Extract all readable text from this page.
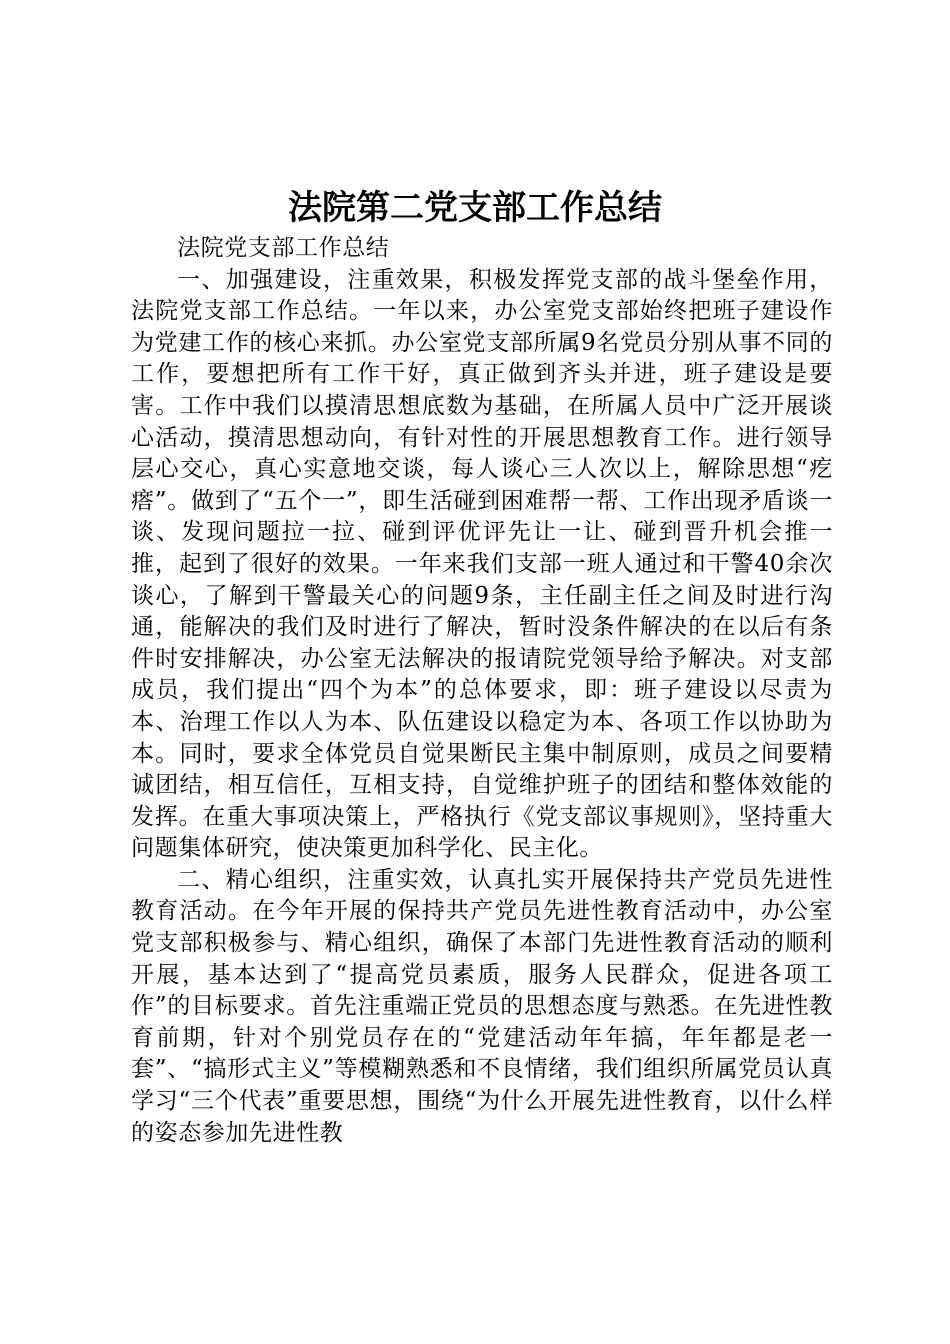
法院第二党支部工作总结

法院党支部工作总结

一、加强建设，注重效果，积极发挥党支部的战斗堡垒作用，法院党支部工作总结。一年以来，办公室党支部始终把班子建设作为党建工作的核心来抓。办公室党支部所属9名党员分别从事不同的工作，要想把所有工作干好，真正做到齐头并进，班子建设是要害。工作中我们以摸清思想底数为基础，在所属人员中广泛开展谈心活动，摸清思想动向，有针对性的开展思想教育工作。进行领导层心交心，真心实意地交谈，每人谈心三人次以上，解除思想“疙瘩”。做到了“五个一”，即生活碰到困难帮一帮、工作出现矛盾谈一谈、发现问题拉一拉、碰到评优评先让一让、碰到晋升机会推一推，起到了很好的效果。一年来我们支部一班人通过和干警40余次谈心，了解到干警最关心的问题9条，主任副主任之间及时进行沟通，能解决的我们及时进行了解决，暂时没条件解决的在以后有条件时安排解决，办公室无法解决的报请院党领导给予解决。对支部成员，我们提出“四个为本”的总体要求，即：班子建设以尽责为本、治理工作以人为本、队伍建设以稳定为本、各项工作以协助为本。同时，要求全体党员自觉果断民主集中制原则，成员之间要精诚团结，相互信任，互相支持，自觉维护班子的团结和整体效能的发挥。在重大事项决策上，严格执行《党支部议事规则》，坚持重大问题集体研究，使决策更加科学化、民主化。

二、精心组织，注重实效，认真扎实开展保持共产党员先进性教育活动。在今年开展的保持共产党员先进性教育活动中，办公室党支部积极参与、精心组织，确保了本部门先进性教育活动的顺利开展，基本达到了“提高党员素质，服务人民群众，促进各项工作”的目标要求。首先注重端正党员的思想态度与熟悉。在先进性教育前期，针对个别党员存在的“党建活动年年搞，年年都是老一套”、“搞形式主义”等模糊熟悉和不良情绪，我们组织所属党员认真学习“三个代表”重要思想，围绕“为什么开展先进性教育，以什么样的姿态参加先进性教
